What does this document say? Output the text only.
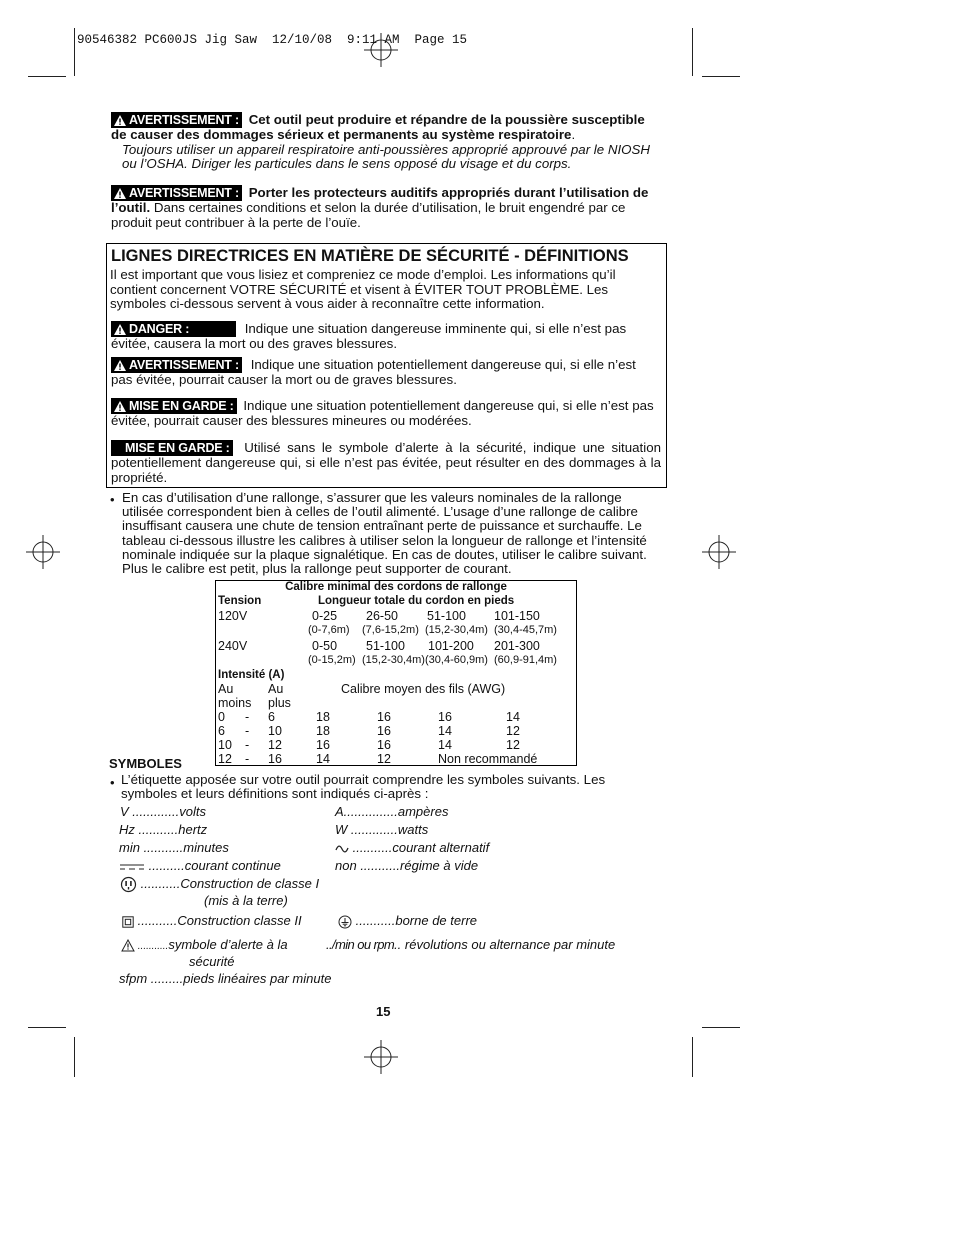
90546382 PC600JS Jig Saw  12/10/08  9:11 AM  Page 15
AVERTISSEMENT : Cet outil peut produire et répandre de la poussière susceptible de causer des dommages sérieux et permanents au système respiratoire.

Toujours utiliser un appareil respiratoire anti-poussières approprié approuvé par le NIOSH ou l’OSHA. Diriger les particules dans le sens opposé du visage et du corps.
AVERTISSEMENT : Porter les protecteurs auditifs appropriés durant l’utilisation de l’outil. Dans certaines conditions et selon la durée d’utilisation, le bruit engendré par ce produit peut contribuer à la perte de l’ouïe.
LIGNES DIRECTRICES EN MATIÈRE DE SÉCURITÉ - DÉFINITIONS
Il est important que vous lisiez et compreniez ce mode d’emploi. Les informations qu’il contient concernent VOTRE SÉCURITÉ et visent à ÉVITER TOUT PROBLÈME. Les symboles ci-dessous servent à vous aider à reconnaître cette information.
DANGER :	Indique une situation dangereuse imminente qui, si elle n’est pas évitée, causera la mort ou des graves blessures.
AVERTISSEMENT : Indique une situation potentiellement dangereuse qui, si elle n’est pas évitée, pourrait causer la mort ou de graves blessures.
MISE EN GARDE : Indique une situation potentiellement dangereuse qui, si elle n’est pas évitée, pourrait causer des blessures mineures ou modérées.
MISE EN GARDE : Utilisé sans le symbole d’alerte à la sécurité, indique une situation potentiellement dangereuse qui, si elle n’est pas évitée, peut résulter en des dommages à la propriété.
• En cas d’utilisation d’une rallonge, s’assurer que les valeurs nominales de la rallonge utilisée correspondent bien à celles de l’outil alimenté. L’usage d’une rallonge de calibre insuffisant causera une chute de tension entraînant perte de puissance et surchauffe. Le tableau ci-dessous illustre les calibres à utiliser selon la longueur de rallonge et l’intensité nominale indiquée sur la plaque signalétique. En cas de doutes, utiliser le calibre suivant. Plus le calibre est petit, plus la rallonge peut supporter de courant.
Calibre minimal des cordons de rallonge
Tension	Longueur totale du cordon en pieds
120V	0-25 26-50 51-100 101-150
(0-7,6m) (7,6-15,2m) (15,2-30,4m) (30,4-45,7m)
240V	0-50 51-100 101-200 201-300
(0-15,2m) (15,2-30,4m) (30,4-60,9m) (60,9-91,4m)
Intensité (A)
Au	Au	Calibre moyen des fils (AWG)
moins plus
0 - 6	18	16	16	14
6 - 10	18	16	14	12
10 - 12	16	16	14	12
12 - 16	14	12	Non recommandé
SYMBOLES
• L’étiquette apposée sur votre outil pourrait comprendre les symboles suivants. Les symboles et leurs définitions sont indiqués ci-après :
V .............volts
Hz ...........hertz
min ...........minutes
..........courant continue
...........Construction de classe I
(mis à la terre)
...........Construction classe II
...........symbole d’alerte à la
sécurité
sfpm .........pieds linéaires par minute
A...............ampères
W .............watts
...........courant alternatif
non ...........régime à vide
...........borne de terre
../min ou rpm.. révolutions ou alternance par minute
15
